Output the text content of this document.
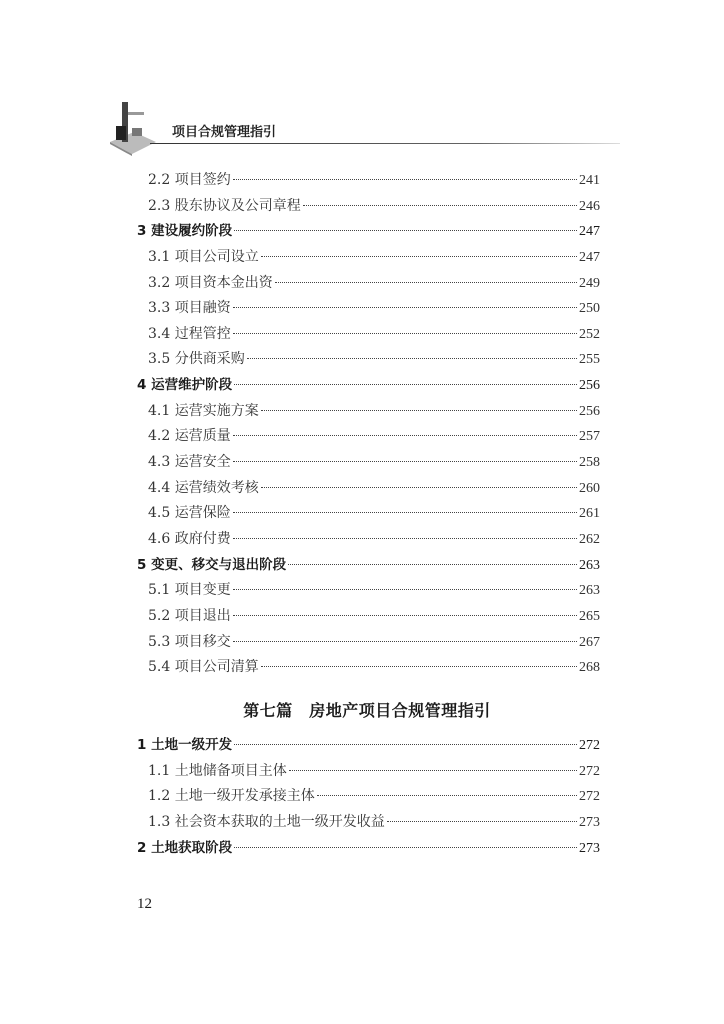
项目合规管理指引
2.2 项目签约	241
2.3 股东协议及公司章程	246
3 建设履约阶段	247
3.1 项目公司设立	247
3.2 项目资本金出资	249
3.3 项目融资	250
3.4 过程管控	252
3.5 分供商采购	255
4 运营维护阶段	256
4.1 运营实施方案	256
4.2 运营质量	257
4.3 运营安全	258
4.4 运营绩效考核	260
4.5 运营保险	261
4.6 政府付费	262
5 变更、移交与退出阶段	263
5.1 项目变更	263
5.2 项目退出	265
5.3 项目移交	267
5.4 项目公司清算	268
第七篇　房地产项目合规管理指引
1 土地一级开发	272
1.1 土地储备项目主体	272
1.2 土地一级开发承接主体	272
1.3 社会资本获取的土地一级开发收益	273
2 土地获取阶段	273
12
